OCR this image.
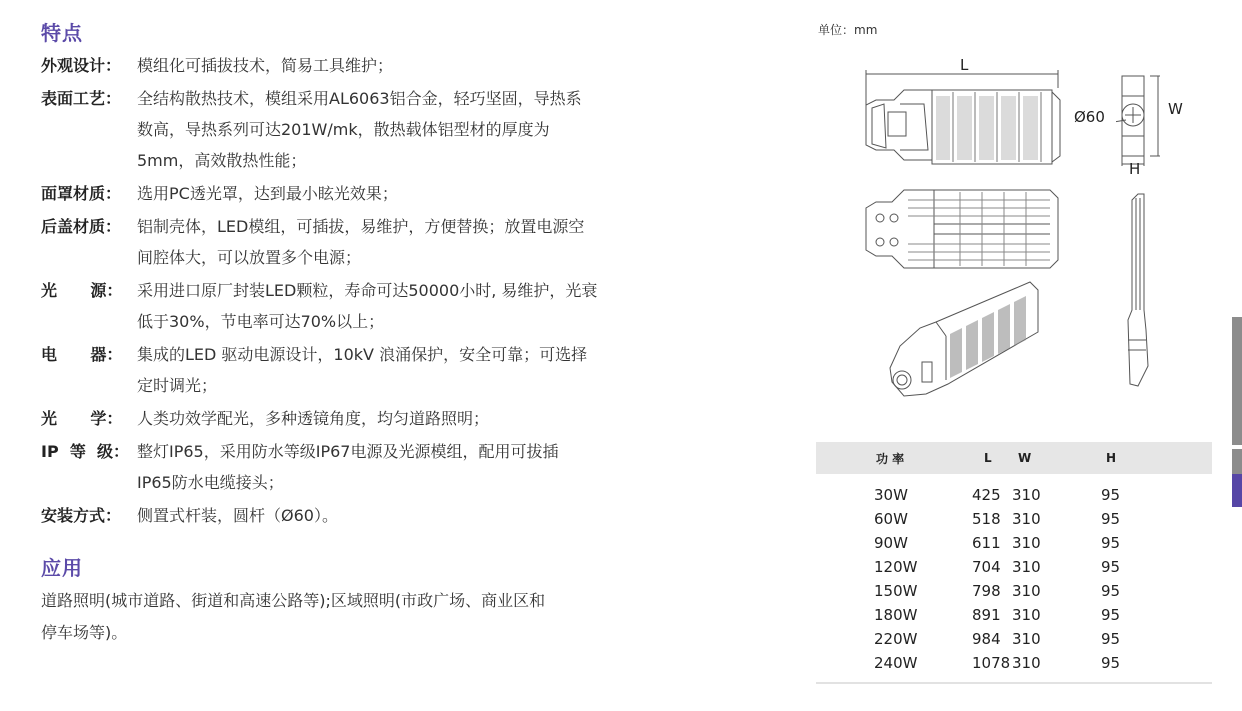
特点
外观设计： 模组化可插拔技术，简易工具维护；
表面工艺： 全结构散热技术，模组采用AL6063铝合金，轻巧坚固，导热系
数高，导热系列可达201W/mk，散热载体铝型材的厚度为
5mm，高效散热性能；
面罩材质： 选用PC透光罩，达到最小眩光效果；
后盖材质： 铝制壳体，LED模组，可插拔，易维护，方便替换；放置电源空
间腔体大，可以放置多个电源；
光      源： 采用进口原厂封装LED颗粒，寿命可达50000小时, 易维护，光衰
低于30%，节电率可达70%以上；
电      器： 集成的LED 驱动电源设计，10kV 浪涌保护，安全可靠；可选择
定时调光；
光      学： 人类功效学配光，多种透镜角度，均匀道路照明；
IP  等  级： 整灯IP65，采用防水等级IP67电源及光源模组，配用可拔插
IP65防水电缆接头；
安装方式： 侧置式杆装，圆杆（Ø60）。
应用
道路照明(城市道路、街道和高速公路等);区域照明(市政广场、商业区和
停车场等)。
单位：mm
L
Ø60	W
H
功 率	L	W	H
30W	425 310	95
60W	518 310	95
90W	611 310	95
120W	704 310	95
150W	798 310	95
180W	891 310	95
220W	984 310	95
240W	1078 310	95
